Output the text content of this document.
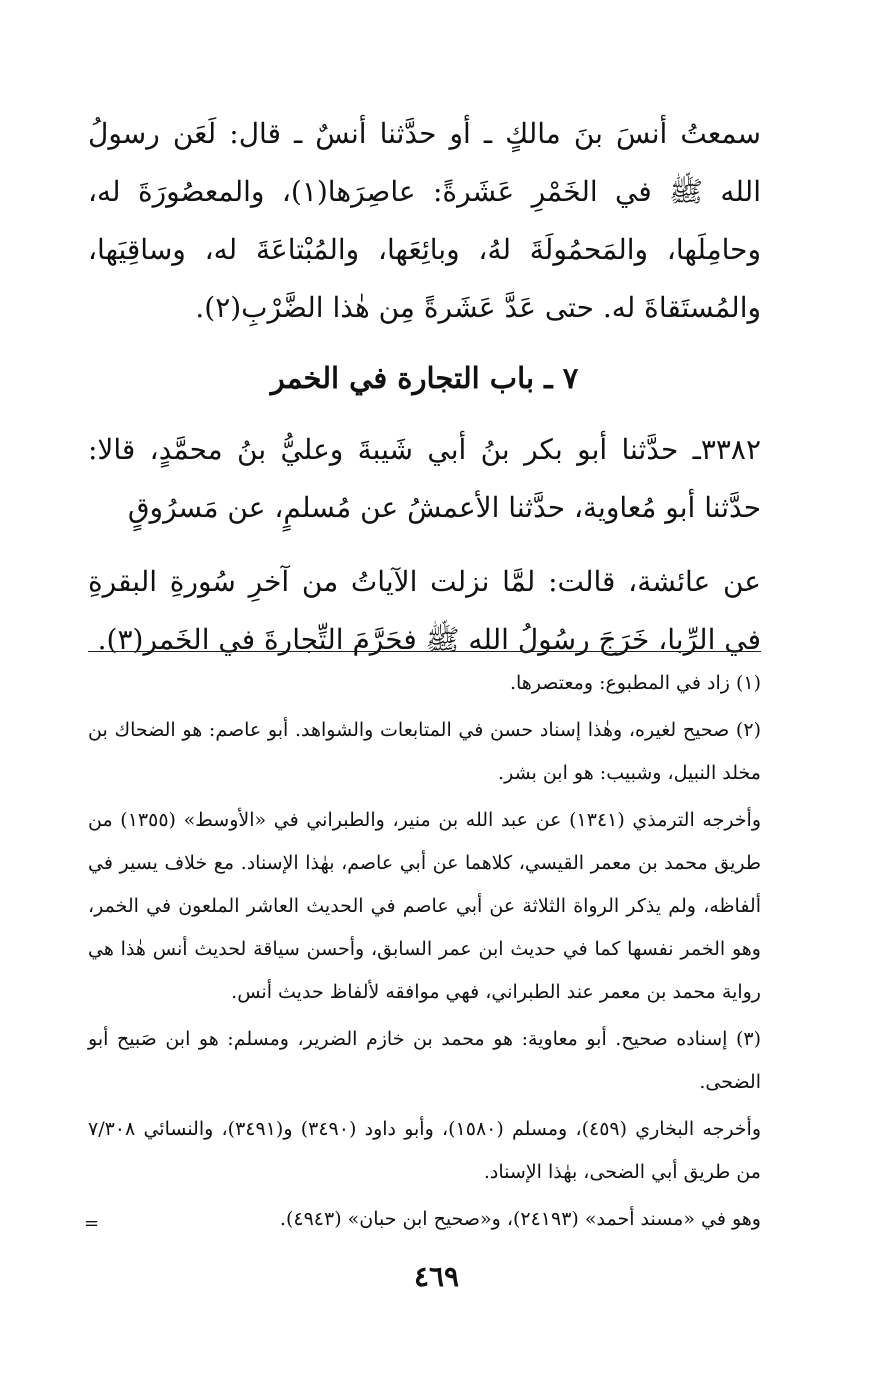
سمعتُ أنسَ بنَ مالكٍ ـ أو حدَّثنا أنسٌ ـ قال: لَعَن رسولُ الله ﷺ في الخَمْرِ عَشَرةً: عاصِرَها(١)، والمعصُورَةَ له، وحامِلَها، والمَحمُولَةَ لهُ، وبائِعَها، والمُبْتاعَةَ له، وساقِيَها، والمُستَقاةَ له. حتى عَدَّ عَشَرةً مِن هٰذا الضَّرْبِ(٢).

٧ ـ باب التجارة في الخمر

٣٣٨٢ـ حدَّثنا أبو بكر بنُ أبي شَيبةَ وعليُّ بنُ محمَّدٍ، قالا: حدَّثنا أبو مُعاوية، حدَّثنا الأعمشُ عن مُسلمٍ، عن مَسرُوقٍ

عن عائشة، قالت: لمَّا نزلت الآياتُ من آخرِ سُورةِ البقرةِ في الرِّبا، خَرَجَ رسُولُ الله ﷺ فحَرَّمَ التِّجارةَ في الخَمر(٣).

(١) زاد في المطبوع: ومعتصرها.

(٢) صحيح لغيره، وهٰذا إسناد حسن في المتابعات والشواهد. أبو عاصم: هو الضحاك بن مخلد النبيل، وشبيب: هو ابن بشر.

وأخرجه الترمذي (١٣٤١) عن عبد الله بن منير، والطبراني في «الأوسط» (١٣٥٥) من طريق محمد بن معمر القيسي، كلاهما عن أبي عاصم، بهٰذا الإسناد. مع خلاف يسير في ألفاظه، ولم يذكر الرواة الثلاثة عن أبي عاصم في الحديث العاشر الملعون في الخمر، وهو الخمر نفسها كما في حديث ابن عمر السابق، وأحسن سياقة لحديث أنس هٰذا هي رواية محمد بن معمر عند الطبراني، فهي موافقه لألفاظ حديث أنس.

(٣) إسناده صحيح. أبو معاوية: هو محمد بن خازم الضرير، ومسلم: هو ابن صَبيح أبو الضحى.

وأخرجه البخاري (٤٥٩)، ومسلم (١٥٨٠)، وأبو داود (٣٤٩٠) و(٣٤٩١)، والنسائي ٧/٣٠٨ من طريق أبي الضحى، بهٰذا الإسناد.

وهو في «مسند أحمد» (٢٤١٩٣)، و«صحيح ابن حبان» (٤٩٤٣).

=
٤٦٩
